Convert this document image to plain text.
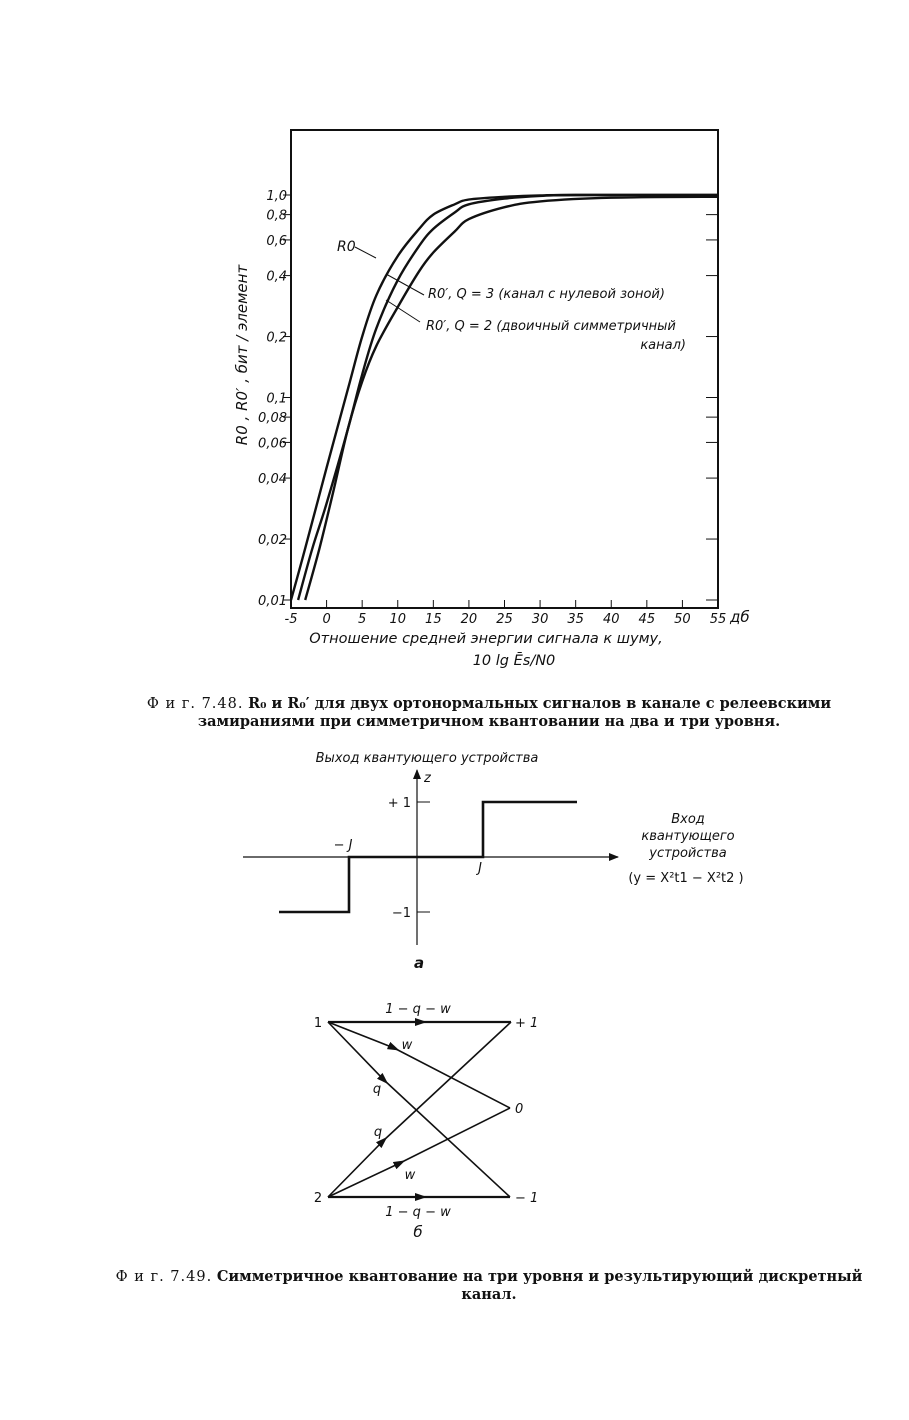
0,01
0,02
0,04
0,06
0,08
0,1
0,2
0,4
0,6
0,8
1,0
-5 0 5 10 15 20 25 30 35 40 45 50 55 дб
R0 , R0′ , бит / элемент
Отношение средней энергии сигнала к шуму,
10 lg Ēs/N0
R0
R0′, Q = 3 (канал с нулевой зоной)
R0′, Q = 2 (двоичный симметричный
канал)
Ф и г. 7.48. R₀ и R₀′ для двух ортонормальных сигналов в канале с релеевскими замираниями при симметричном квантовании на два и три уровня.
Выход квантующего устройства
z
+ 1
−1
− J
J
Вход
квантующего
устройства
(y = X²t1 − X²t2 )
а
1
2
+ 1
0
− 1
1 − q − w
1 − q − w
w
w
q
q
б
Ф и г. 7.49. Симметричное квантование на три уровня и результирующий дискретный канал.
